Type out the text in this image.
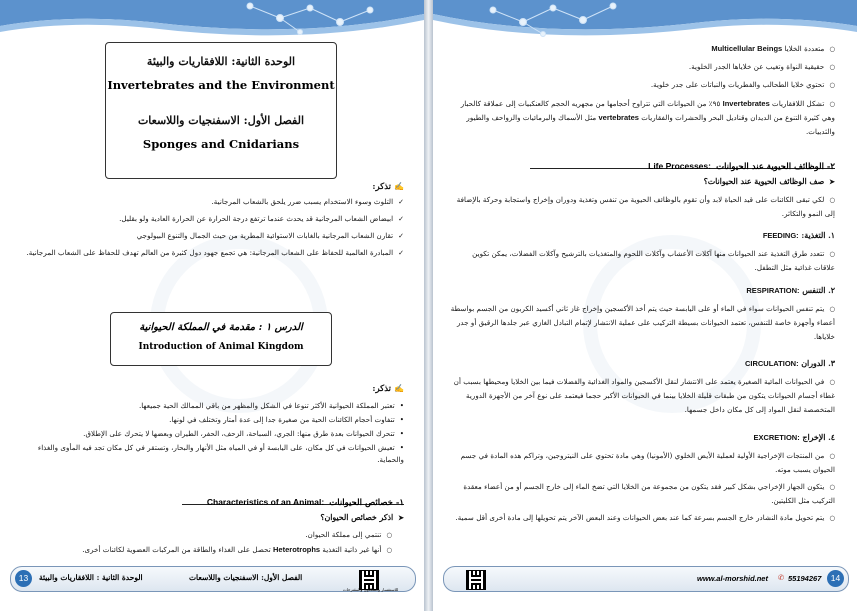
الوحدة الثانية: اللافقاريات والبيئة
Invertebrates and the Environment
الفصل الأول: الاسفنجيات واللاسعات
Sponges and Cnidarians
✍تذكر:
✓ التلوث وسوء الاستخدام يسبب ضرر يلحق بالشعاب المرجانية.
✓ ابيضاض الشعاب المرجانية قد يحدث عندما ترتفع درجة الحرارة عن الحرارة العادية ولو بقليل.
✓ تقارن الشعاب المرجانية بالغابات الاستوائية المطرية من حيث الجمال والتنوع البيولوجي
✓ المبادرة العالمية للحفاظ على الشعاب المرجانية: هي تجمع جهود دول كثيرة من العالم تهدف للحفاظ على الشعاب المرجانية.
الدرس ١ : مقدمة في المملكة الحيوانية
Introduction of Animal Kingdom
✍تذكر:
• تعتبر المملكة الحيوانية الأكثر تنوعا في الشكل والمظهر من باقي الممالك الحية جميعها.
• تتفاوت أحجام الكائنات الحية من صغيرة جدا إلى عدة أمتار وتختلف في لونها.
• تتحرك الحيوانات بعدة طرق منها: الجري، السباحة، الزحف، الحفر، الطيران وبعضها لا يتحرك على الإطلاق.
• تعيش الحيوانات في كل مكان، على اليابسة أو في المياه مثل الأنهار والبحار، وتستقر في كل مكان تجد فيه المأوى والغذاء والحماية.
١- خصائص الحيوانات Characteristics of an Animal:
➤ اذكر خصائص الحيوان؟
○ تنتمي إلى مملكة الحيوان.
○ أنها غير ذاتية التغذية Heterotrophs تحصل على الغذاء والطاقة من المركبات العضوية لكائنات أخرى.
13	الوحدة الثانية : اللافقاريات والبيئة	الفصل الأول: الاسفنجيات واللاسعات
للاستفسار والشكاوى والمقترحات
○ متعددة الخلايا Multicellular Beings
○ حقيقية النواة وتغيب عن خلاياها الجدر الخلوية.
○ تحتوي خلايا الطحالب والفطريات والنباتات على جدر خلوية.
○ تشكل اللافقاريات Invertebrates ٩٥٪ من الحيوانات التي تتراوح أحجامها من مجهريه الحجم كالعنكبيات إلى عملاقة كالحبار وهي كثيرة التنوع من الديدان وقناديل البحر والحشرات والفقاريات vertebrates مثل الأسماك والبرمائيات والزواحف والطيور والثدييات.
٢- الوظائف الحيوية عند الحيوانات Life Processes:
➤ صف الوظائف الحيوية عند الحيوانات؟
○ لكي تبقى الكائنات على قيد الحياة لابد وأن تقوم بالوظائف الحيوية من تنفس وتغذية ودوران وإخراج واستجابة وحركة بالإضافة إلى النمو والتكاثر.
١. التغذية: FEEDING:
○ تتعدد طرق التغذية عند الحيوانات منها آكلات الأعشاب وآكلات اللحوم والمتغذيات بالترشيح وآكلات الفضلات، يمكن تكوين علاقات غذائية مثل التطفل.
٢. التنفس RESPIRATION:
○ يتم تنفس الحيوانات سواء في الماء أو على اليابسة حيث يتم أخذ الأكسجين وإخراج غاز ثاني أكسيد الكربون من الجسم بواسطة أعضاء وأجهزة خاصة للتنفس، تعتمد الحيوانات بسيطة التركيب على عملية الانتشار لإتمام التبادل الغازي عبر جلدها الرقيق أو جدر خلاياها.
٣. الدوران CIRCULATION:
○ في الحيوانات المائية الصغيرة يعتمد على الانتشار لنقل الأكسجين والمواد الغذائية والفضلات فيما بين الخلايا ومحيطها بسبب أن غطاء أجسام الحيوانات يتكون من طبقات قليلة الخلايا بينما في الحيوانات الأكبر حجما فيعتمد على نوع آخر من الأجهزة الدورية المتخصصة لنقل المواد إلى كل مكان داخل جسمها.
٤. الإخراج EXCRETION:
○ من المنتجات الإخراجية الأولية لعملية الأيض الخلوي (الأمونيا) وهي مادة تحتوي على النيتروجين، وتراكم هذه المادة في جسم الحيوان يسبب موته.
○ يتكون الجهاز الإخراجي بشكل كبير فقد يتكون من مجموعة من الخلايا التي تضخ الماء إلى خارج الجسم أو من أعضاء معقدة التركيب مثل الكليتين.
○ يتم تحويل مادة النشادر خارج الجسم بسرعة كما عند بعض الحيوانات وعند البعض الآخر يتم تحويلها إلى مادة أخرى أقل سمية.
www.al-morshid.net ✆ 55194267	14
